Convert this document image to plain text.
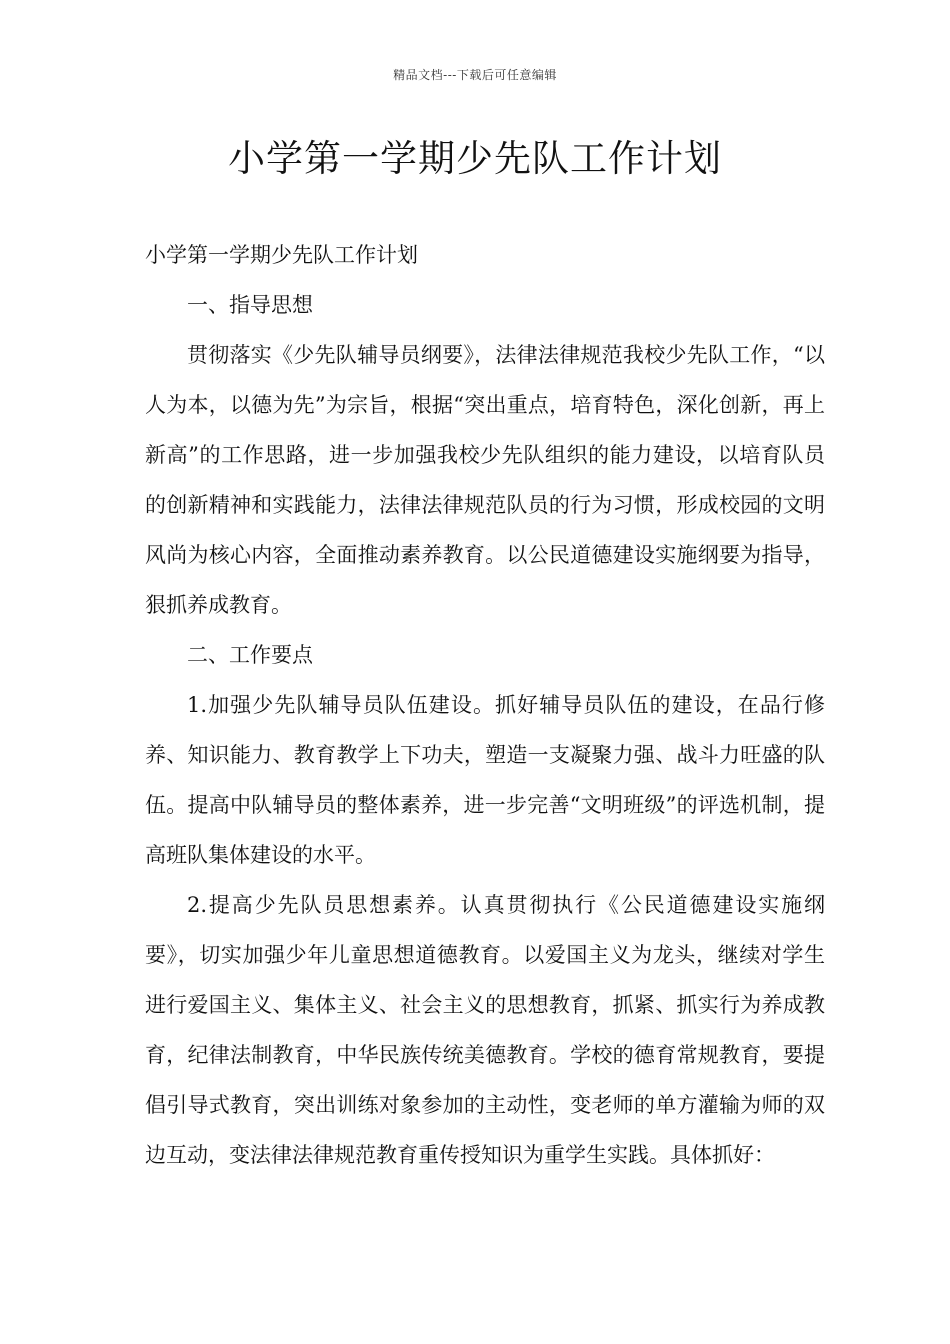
精品文档---下载后可任意编辑
小学第一学期少先队工作计划

小学第一学期少先队工作计划

一、指导思想

贯彻落实《少先队辅导员纲要》，法律法律规范我校少先队工作，“以人为本，以德为先”为宗旨，根据“突出重点，培育特色，深化创新，再上新高”的工作思路，进一步加强我校少先队组织的能力建设，以培育队员的创新精神和实践能力，法律法律规范队员的行为习惯，形成校园的文明风尚为核心内容，全面推动素养教育。以公民道德建设实施纲要为指导，狠抓养成教育。

二、工作要点

1.加强少先队辅导员队伍建设。抓好辅导员队伍的建设，在品行修养、知识能力、教育教学上下功夫，塑造一支凝聚力强、战斗力旺盛的队伍。提高中队辅导员的整体素养，进一步完善“文明班级”的评选机制，提高班队集体建设的水平。

2.提高少先队员思想素养。认真贯彻执行《公民道德建设实施纲要》，切实加强少年儿童思想道德教育。以爱国主义为龙头，继续对学生进行爱国主义、集体主义、社会主义的思想教育，抓紧、抓实行为养成教育，纪律法制教育，中华民族传统美德教育。学校的德育常规教育，要提倡引导式教育，突出训练对象参加的主动性，变老师的单方灌输为师的双边互动，变法律法律规范教育重传授知识为重学生实践。具体抓好：
